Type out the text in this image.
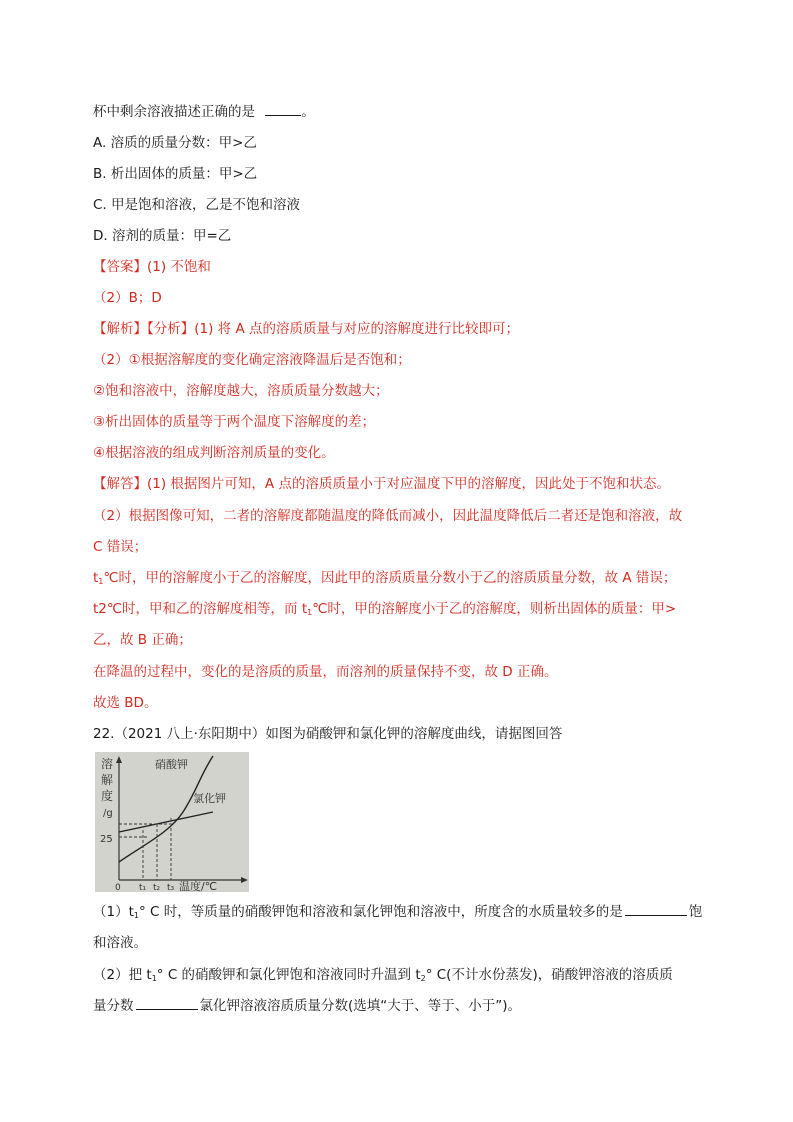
杯中剩余溶液描述正确的是	。
A. 溶质的质量分数：甲>乙
B. 析出固体的质量：甲>乙
C. 甲是饱和溶液，乙是不饱和溶液
D. 溶剂的质量：甲=乙
【答案】(1) 不饱和
（2）B；D
【解析】【分析】(1) 将 A 点的溶质质量与对应的溶解度进行比较即可；
（2）①根据溶解度的变化确定溶液降温后是否饱和；
②饱和溶液中，溶解度越大，溶质质量分数越大；
③析出固体的质量等于两个温度下溶解度的差；
④根据溶液的组成判断溶剂质量的变化。
【解答】(1) 根据图片可知，A 点的溶质质量小于对应温度下甲的溶解度，因此处于不饱和状态。
（2）根据图像可知，二者的溶解度都随温度的降低而减小，因此温度降低后二者还是饱和溶液，故
C 错误；
$t_1℃$时，甲的溶解度小于乙的溶解度，因此甲的溶质质量分数小于乙的溶质质量分数，故 A 错误；
t2℃时，甲和乙的溶解度相等，而 $t_1℃$时，甲的溶解度小于乙的溶解度，则析出固体的质量：甲>
乙，故 B 正确；
在降温的过程中，变化的是溶质的质量，而溶剂的质量保持不变，故 D 正确。
故选 BD。
22.（2021 八上·东阳期中）如图为硝酸钾和氯化钾的溶解度曲线，请据图回答
溶
解
度
/g
25
硝酸钾
氯化钾
0 t₁ t₂ t₃ 温度/℃
$(1)t_1^\circ$ C 时，等质量的硝酸钾饱和溶液和氯化钾饱和溶液中，所度含的水质量较多的是	饱
和溶液。
（2）把 $t_1^\circ$ C 的硝酸钾和氯化钾饱和溶液同时升温到 $t_2^\circ$ C(不计水份蒸发)，硝酸钾溶液的溶质质
量分数	氯化钾溶液溶质质量分数(选填“大于、等于、小于”)。
